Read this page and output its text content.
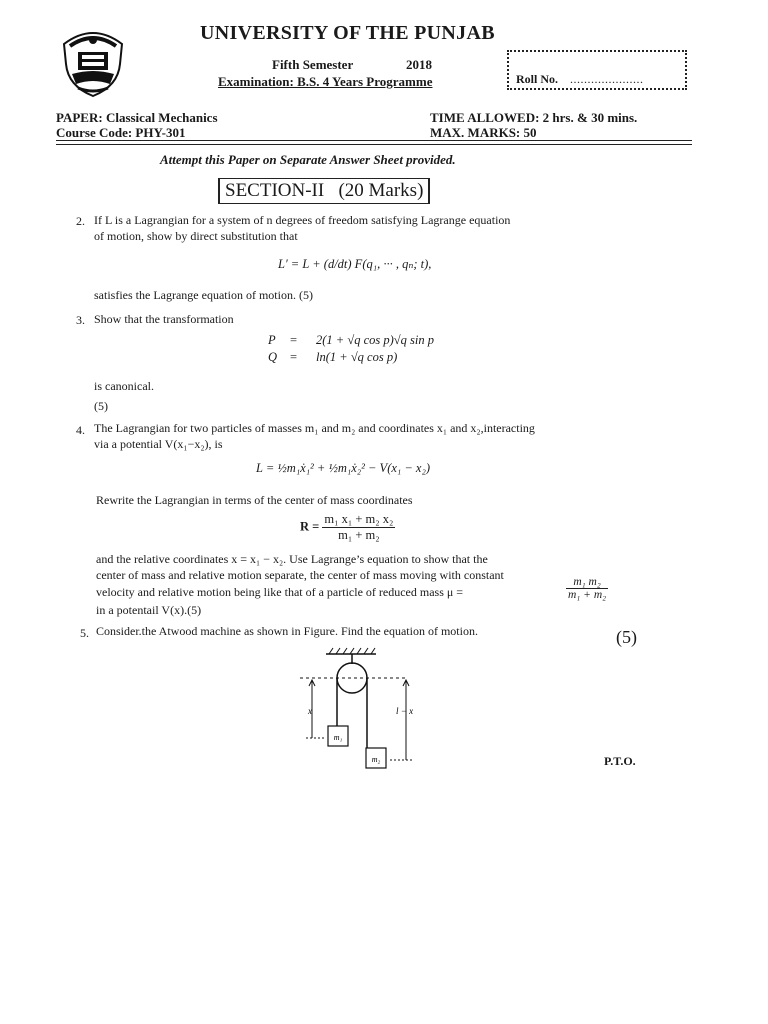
UNIVERSITY OF THE PUNJAB
Fifth Semester	2018
Examination: B.S. 4 Years Programme	Roll No. .....................
PAPER: Classical Mechanics
Course Code: PHY-301
TIME ALLOWED: 2 hrs. & 30 mins.
MAX. MARKS: 50
Attempt this Paper on Separate Answer Sheet provided.
SECTION-II   (20 Marks)
2. If L is a Lagrangian for a system of n degrees of freedom satisfying Lagrange equation
of motion, show by direct substitution that
L′ = L + (d/dt) F(q₁, ··· , qₙ; t),
satisfies the Lagrange equation of motion. (5)
3. Show that the transformation
P = 2(1 + √q cos p)√q sin p
Q = ln(1 + √q cos p)
is canonical.
(5)
4. The Lagrangian for two particles of masses m₁ and m₂ and coordinates x₁ and x₂,interacting
via a potential V(x₁−x₂), is
L = ½m₁ẋ₁² + ½m₁ẋ₂² − V(x₁ − x₂)
Rewrite the Lagrangian in terms of the center of mass coordinates
$R = \frac{\text{m₁ x₁ + m₂ x₂}}{\text{m₁ + m₂}}$
and the relative coordinates x = x₁ − x₂. Use Lagrange’s equation to show that the
center of mass and relative motion separate, the center of mass moving with constant
velocity and relative motion being like that of a particle of reduced mass μ =	$\frac{\text{m₁ m₂}}{\text{m₁ + m₂}}$
in a potentail V(x).(5)
5. Consider.the Atwood machine as shown in Figure. Find the equation of motion.	(5)
m₁
m₂
x	l − x
P.T.O.
